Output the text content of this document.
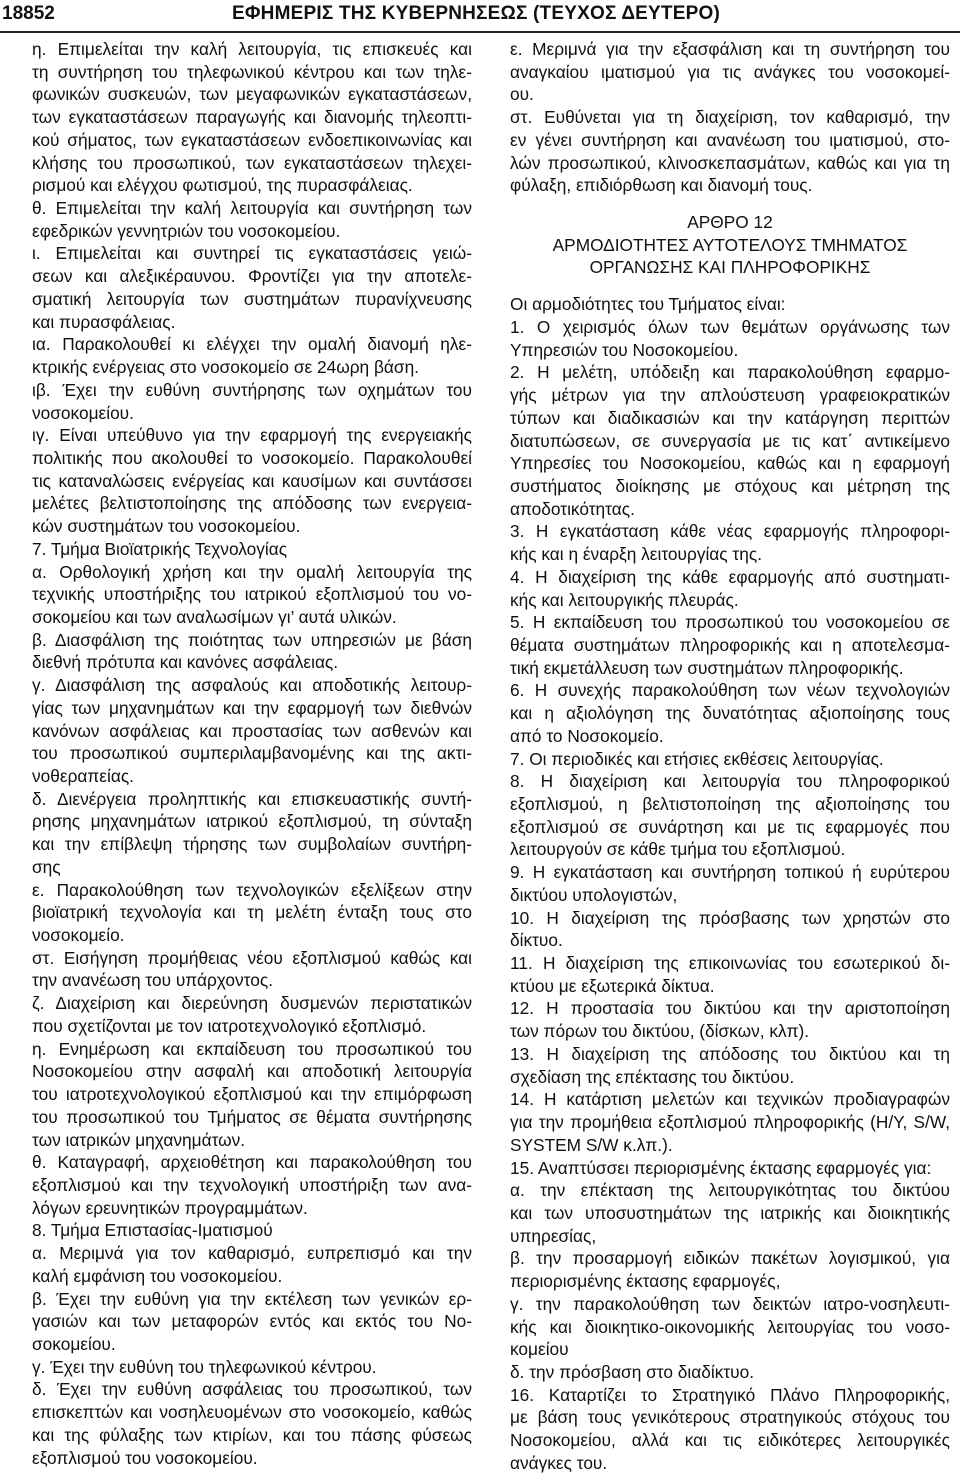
18852	ΕΦΗΜΕΡΙΣ ΤΗΣ ΚΥΒΕΡΝΗΣΕΩΣ (ΤΕΥΧΟΣ ΔΕΥΤΕΡΟ)
η. Επιμελείται την καλή λειτουργία, τις επισκευές και
τη συντήρηση του τηλεφωνικού κέντρου και των τηλε-
φωνικών συσκευών, των μεγαφωνικών εγκαταστάσεων,
των εγκαταστάσεων παραγωγής και διανομής τηλεοπτι-
κού σήματος, των εγκαταστάσεων ενδοεπικοινωνίας και
κλήσης του προσωπικού, των εγκαταστάσεων τηλεχει-
ρισμού και ελέγχου φωτισμού, της πυρασφάλειας.
θ. Επιμελείται την καλή λειτουργία και συντήρηση των
εφεδρικών γεννητριών του νοσοκομείου.
ι. Επιμελείται και συντηρεί τις εγκαταστάσεις γειώ-
σεων και αλεξικέραυνου. Φροντίζει για την αποτελε-
σματική λειτουργία των συστημάτων πυρανίχνευσης
και πυρασφάλειας.
ια. Παρακολουθεί κι ελέγχει την ομαλή διανομή ηλε-
κτρικής ενέργειας στο νοσοκομείο σε 24ωρη βάση.
ιβ. Έχει την ευθύνη συντήρησης των οχημάτων του
νοσοκομείου.
ιγ. Είναι υπεύθυνο για την εφαρμογή της ενεργειακής
πολιτικής που ακολουθεί το νοσοκομείο. Παρακολουθεί
τις καταναλώσεις ενέργείας και καυσίμων και συντάσσει
μελέτες βελτιστοποίησης της απόδοσης των ενεργεια-
κών συστημάτων του νοσοκομείου.
7. Τμήμα Βιοϊατρικής Τεχνολογίας
α. Ορθολογική χρήση και την ομαλή λειτουργία της
τεχνικής υποστήριξης του ιατρικού εξοπλισμού του νο-
σοκομείου και των αναλωσίμων γι’ αυτά υλικών.
β. Διασφάλιση της ποιότητας των υπηρεσιών με βάση
διεθνή πρότυπα και κανόνες ασφάλειας.
γ. Διασφάλιση της ασφαλούς και αποδοτικής λειτουρ-
γίας των μηχανημάτων και την εφαρμογή των διεθνών
κανόνων ασφάλειας και προστασίας των ασθενών και
του προσωπικού συμπεριλαμβανομένης και της ακτι-
νοθεραπείας.
δ. Διενέργεια προληπτικής και επισκευαστικής συντή-
ρησης μηχανημάτων ιατρικού εξοπλισμού, τη σύνταξη
και την επίβλεψη τήρησης των συμβολαίων συντήρη-
σης
ε. Παρακολούθηση των τεχνολογικών εξελίξεων στην
βιοϊατρική τεχνολογία και τη μελέτη ένταξη τους στο
νοσοκομείο.
στ. Εισήγηση προμήθειας νέου εξοπλισμού καθώς και
την ανανέωση του υπάρχοντος.
ζ. Διαχείριση και διερεύνηση δυσμενών περιστατικών
που σχετίζονται με τον ιατροτεχνολογικό εξοπλισμό.
η. Ενημέρωση και εκπαίδευση του προσωπικού του
Νοσοκομείου στην ασφαλή και αποδοτική λειτουργία
του ιατροτεχνολογικού εξοπλισμού και την επιμόρφωση
του προσωπικού του Τμήματος σε θέματα συντήρησης
των ιατρικών μηχανημάτων.
θ. Καταγραφή, αρχειοθέτηση και παρακολούθηση του
εξοπλισμού και την τεχνολογική υποστήριξη των ανα-
λόγων ερευνητικών προγραμμάτων.
8. Τμήμα Επιστασίας-Ιματισμού
α. Μεριμνά για τον καθαρισμό, ευπρεπισμό και την
καλή εμφάνιση του νοσοκομείου.
β. Έχει την ευθύνη για την εκτέλεση των γενικών ερ-
γασιών και των μεταφορών εντός και εκτός του Νο-
σοκομείου.
γ. Έχει την ευθύνη του τηλεφωνικού κέντρου.
δ. Έχει την ευθύνη ασφάλειας του προσωπικού, των
επισκεπτών και νοσηλευομένων στο νοσοκομείο, καθώς
και της φύλαξης των κτιρίων, και του πάσης φύσεως
εξοπλισμού του νοσοκομείου.
ε. Μεριμνά για την εξασφάλιση και τη συντήρηση του
αναγκαίου ιματισμού για τις ανάγκες του νοσοκομεί-
ου.
στ. Ευθύνεται για τη διαχείριση, τον καθαρισμό, την
εν γένει συντήρηση και ανανέωση του ιματισμού, στο-
λών προσωπικού, κλινοσκεπασμάτων, καθώς και για τη
φύλαξη, επιδιόρθωση και διανομή τους.
ΑΡΘΡΟ 12
ΑΡΜΟΔΙΟΤΗΤΕΣ ΑΥΤΟΤΕΛΟΥΣ ΤΜΗΜΑΤΟΣ
ΟΡΓΑΝΩΣΗΣ ΚΑΙ ΠΛΗΡΟΦΟΡΙΚΗΣ
Οι αρμοδιότητες του Τμήματος είναι:
1. Ο χειρισμός όλων των θεμάτων οργάνωσης των
Υπηρεσιών του Νοσοκομείου.
2. Η μελέτη, υπόδειξη και παρακολούθηση εφαρμο-
γής μέτρων για την απλούστευση γραφειοκρατικών
τύπων και διαδικασιών και την κατάργηση περιττών
διατυπώσεων, σε συνεργασία με τις κατ΄ αντικείμενο
Υπηρεσίες του Νοσοκομείου, καθώς και η εφαρμογή
συστήματος διοίκησης με στόχους και μέτρηση της
αποδοτικότητας.
3. Η εγκατάσταση κάθε νέας εφαρμογής πληροφορι-
κής και η έναρξη λειτουργίας της.
4. Η διαχείριση της κάθε εφαρμογής από συστηματι-
κής και λειτουργικής πλευράς.
5. Η εκπαίδευση του προσωπικού του νοσοκομείου σε
θέματα συστημάτων πληροφορικής και η αποτελεσμα-
τική εκμετάλλευση των συστημάτων πληροφορικής.
6. Η συνεχής παρακολούθηση των νέων τεχνολογιών
και η αξιολόγηση της δυνατότητας αξιοποίησης τους
από το Νοσοκομείο.
7. Οι περιοδικές και ετήσιες εκθέσεις λειτουργίας.
8. Η διαχείριση και λειτουργία του πληροφορικού
εξοπλισμού, η βελτιστοποίηση της αξιοποίησης του
εξοπλισμού σε συνάρτηση και με τις εφαρμογές που
λειτουργούν σε κάθε τμήμα του εξοπλισμού.
9. Η εγκατάσταση και συντήρηση τοπικού ή ευρύτερου
δικτύου υπολογιστών,
10. Η διαχείριση της πρόσβασης των χρηστών στο
δίκτυο.
11. Η διαχείριση της επικοινωνίας του εσωτερικού δι-
κτύου με εξωτερικά δίκτυα.
12. Η προστασία του δικτύου και την αριστοποίηση
των πόρων του δικτύου, (δίσκων, κλπ).
13. Η διαχείριση της απόδοσης του δικτύου και τη
σχεδίαση της επέκτασης του δικτύου.
14. Η κατάρτιση μελετών και τεχνικών προδιαγραφών
για την προμήθεια εξοπλισμού πληροφορικής (Η/Υ, S/W,
SYSTEM S/W κ.λπ.).
15. Αναπτύσσει περιορισμένης έκτασης εφαρμογές για:
α. την επέκταση της λειτουργικότητας του δικτύου
και των υποσυστημάτων της ιατρικής και διοικητικής
υπηρεσίας,
β. την προσαρμογή ειδικών πακέτων λογισμικού, για
περιορισμένης έκτασης εφαρμογές,
γ. την παρακολούθηση των δεικτών ιατρο-νοσηλευτι-
κής και διοικητικο-οικονομικής λειτουργίας του νοσο-
κομείου
δ. την πρόσβαση στο διαδίκτυο.
16. Καταρτίζει το Στρατηγικό Πλάνο Πληροφορικής,
με βάση τους γενικότερους στρατηγικούς στόχους του
Νοσοκομείου, αλλά και τις ειδικότερες λειτουργικές
ανάγκες του.
